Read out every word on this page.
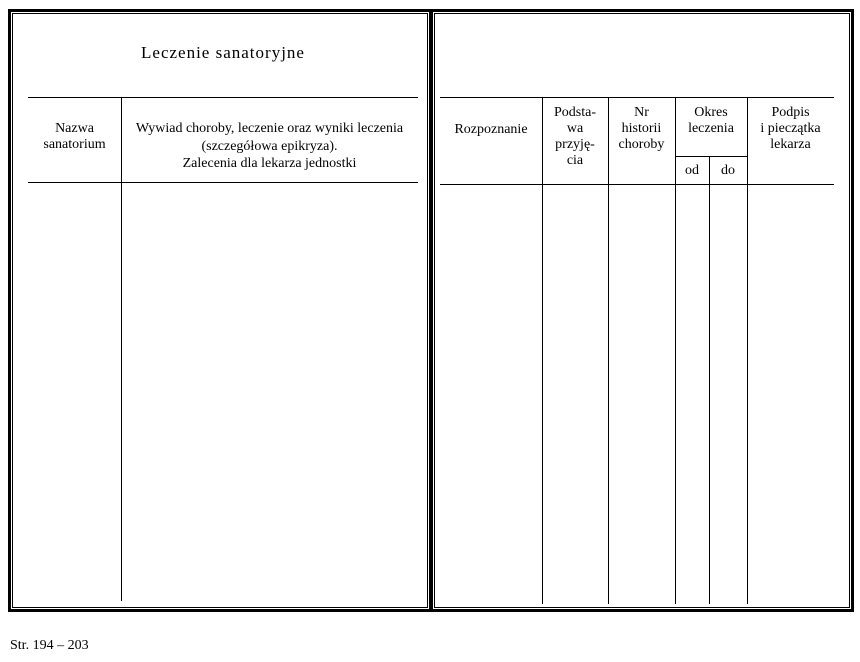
Leczenie sanatoryjne
Nazwa
sanatorium
Wywiad choroby, leczenie oraz wyniki leczenia
(szczegółowa epikryza).
Zalecenia dla lekarza jednostki
Rozpoznanie
Podsta-
wa
przyję-
cia
Nr
historii
choroby
Okres
leczenia
od	do
Podpis
i pieczątka
lekarza
Str. 194 – 203
